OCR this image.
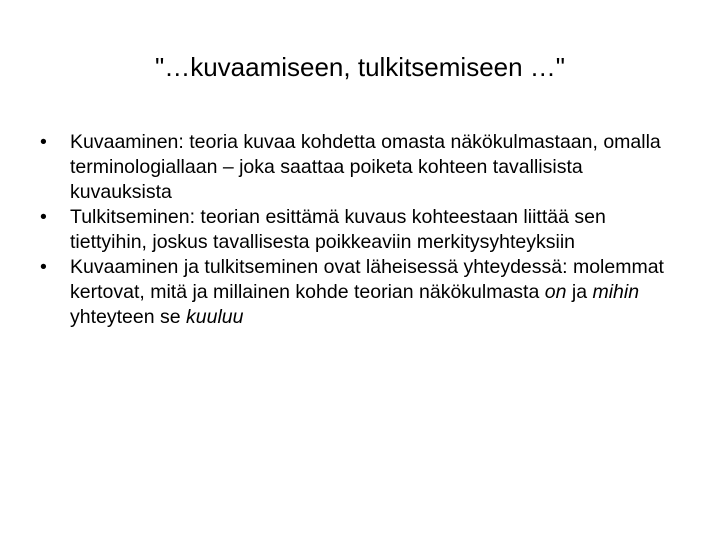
"…kuvaamiseen, tulkitsemiseen …"
• Kuvaaminen: teoria kuvaa kohdetta omasta näkökulmastaan, omalla terminologiallaan – joka saattaa poiketa kohteen tavallisista kuvauksista
• Tulkitseminen: teorian esittämä kuvaus kohteestaan liittää sen tiettyihin, joskus tavallisesta poikkeaviin merkitysyhteyksiin
• Kuvaaminen ja tulkitseminen ovat läheisessä yhteydessä: molemmat kertovat, mitä ja millainen kohde teorian näkökulmasta on ja mihin yhteyteen se kuuluu
